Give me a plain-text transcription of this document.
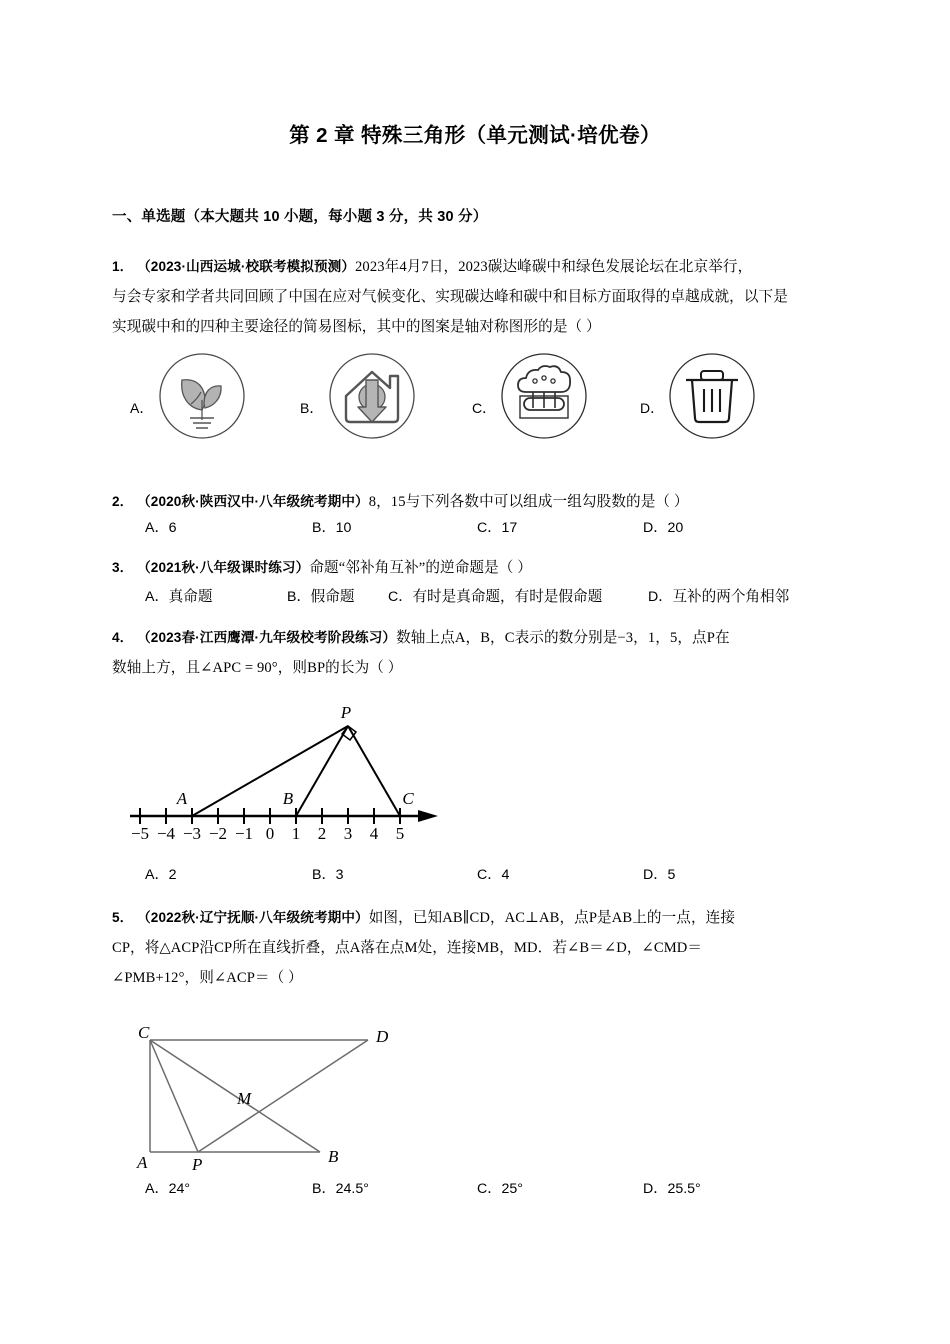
第 2 章 特殊三角形（单元测试·培优卷）
一、单选题（本大题共 10 小题，每小题 3 分，共 30 分）
1． （2023·山西运城·校联考模拟预测）2023年4月7日，2023碳达峰碳中和绿色发展论坛在北京举行，
与会专家和学者共同回顾了中国在应对气候变化、实现碳达峰和碳中和目标方面取得的卓越成就，以下是
实现碳中和的四种主要途径的简易图标，其中的图案是轴对称图形的是（ ）
A．	B．	C．	D．
2． （2020秋·陕西汉中·八年级统考期中）8，15与下列各数中可以组成一组勾股数的是（ ）
A．6	B．10	C．17	D．20
3． （2021秋·八年级课时练习）命题“邻补角互补”的逆命题是（ ）
A．真命题	B．假命题 C．有时是真命题，有时是假命题	D．互补的两个角相邻
4． （2023春·江西鹰潭·九年级校考阶段练习）数轴上点A，B，C表示的数分别是−3，1，5，点P在
数轴上方，且∠APC = 90°，则BP的长为（ ）
−5 −4 −3 −2 −1 0 1 2 3 4 5
A	B	C
P
A．2	B．3	C．4	D．5
5． （2022秋·辽宁抚顺·八年级统考期中）如图，已知AB∥CD，AC⊥AB，点P是AB上的一点，连接
CP，将△ACP沿CP所在直线折叠，点A落在点M处，连接MB，MD．若∠B＝∠D，∠CMD＝
∠PMB+12°，则∠ACP＝（ ）
C	D
A	P	B
M
A．24°	B．24.5°	C．25°	D．25.5°
